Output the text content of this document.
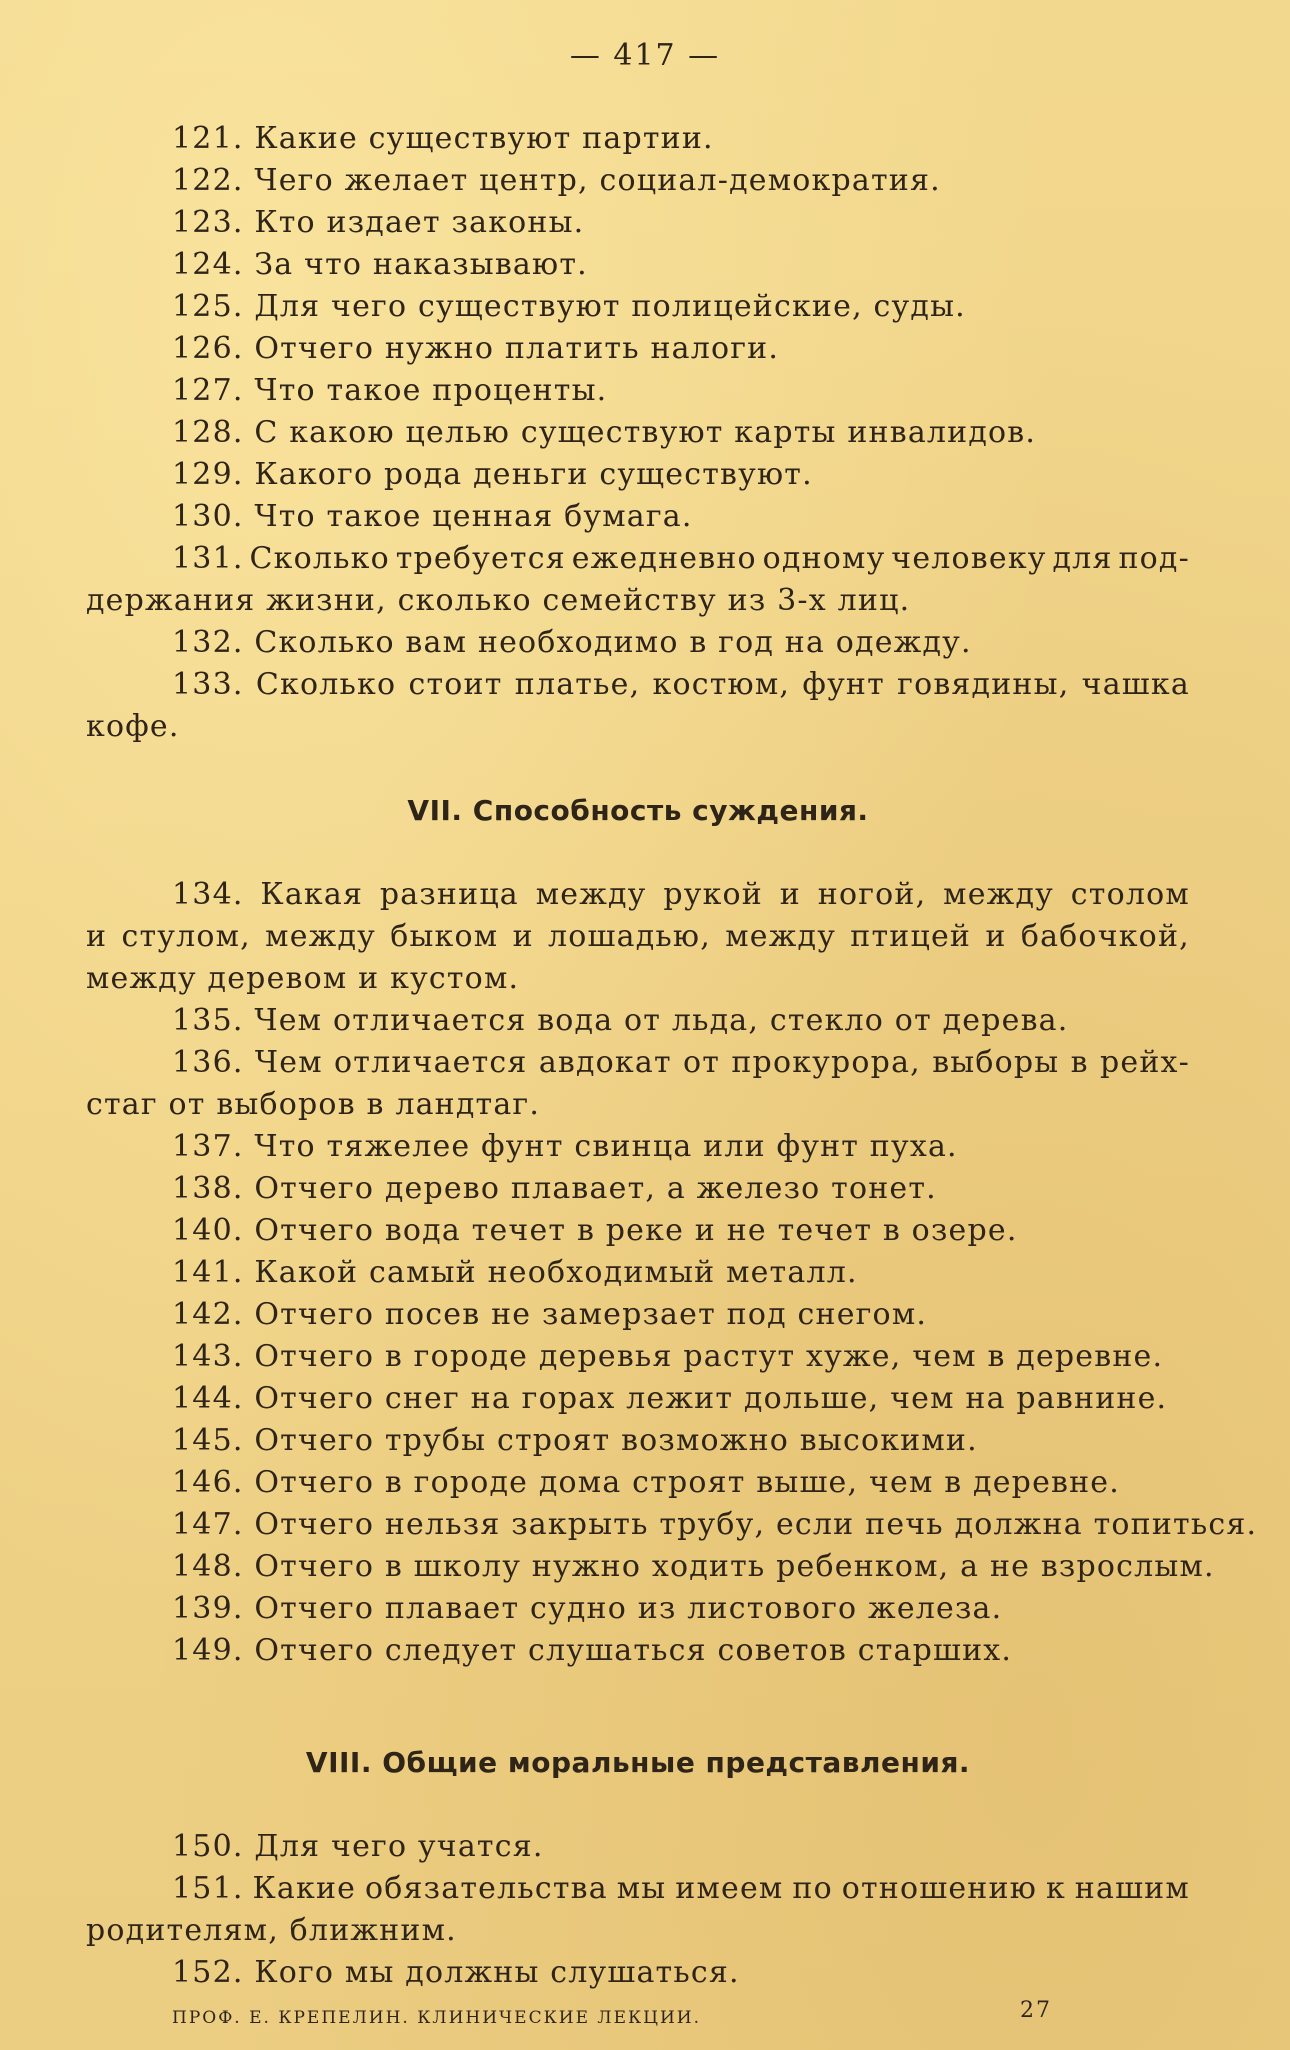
— 417 —
121. Какие существуют партии.
122. Чего желает центр, социал-демократия.
123. Кто издает законы.
124. За что наказывают.
125. Для чего существуют полицейские, суды.
126. Отчего нужно платить налоги.
127. Что такое проценты.
128. С какою целью существуют карты инвалидов.
129. Какого рода деньги существуют.
130. Что такое ценная бумага.
131. Сколько требуется ежедневно одному человеку для под-
держания жизни, сколько семейству из 3-х лиц.
132. Сколько вам необходимо в год на одежду.
133. Сколько стоит платье, костюм, фунт говядины, чашка
кофе.
VII. Способность суждения.
134. Какая разница между рукой и ногой, между столом
и стулом, между быком и лошадью, между птицей и бабочкой,
между деревом и кустом.
135. Чем отличается вода от льда, стекло от дерева.
136. Чем отличается авдокат от прокурора, выборы в рейх-
стаг от выборов в ландтаг.
137. Что тяжелее фунт свинца или фунт пуха.
138. Отчего дерево плавает, а железо тонет.
140. Отчего вода течет в реке и не течет в озере.
141. Какой самый необходимый металл.
142. Отчего посев не замерзает под снегом.
143. Отчего в городе деревья растут хуже, чем в деревне.
144. Отчего снег на горах лежит дольше, чем на равнине.
145. Отчего трубы строят возможно высокими.
146. Отчего в городе дома строят выше, чем в деревне.
147. Отчего нельзя закрыть трубу, если печь должна топиться.
148. Отчего в школу нужно ходить ребенком, а не взрослым.
139. Отчего плавает судно из листового железа.
149. Отчего следует слушаться советов старших.
VIII. Общие моральные представления.
150. Для чего учатся.
151. Какие обязательства мы имеем по отношению к нашим
родителям, ближним.
152. Кого мы должны слушаться.
ПРОФ. Е. КРЕПЕЛИН. КЛИНИЧЕСКИЕ ЛЕКЦИИ.	27
